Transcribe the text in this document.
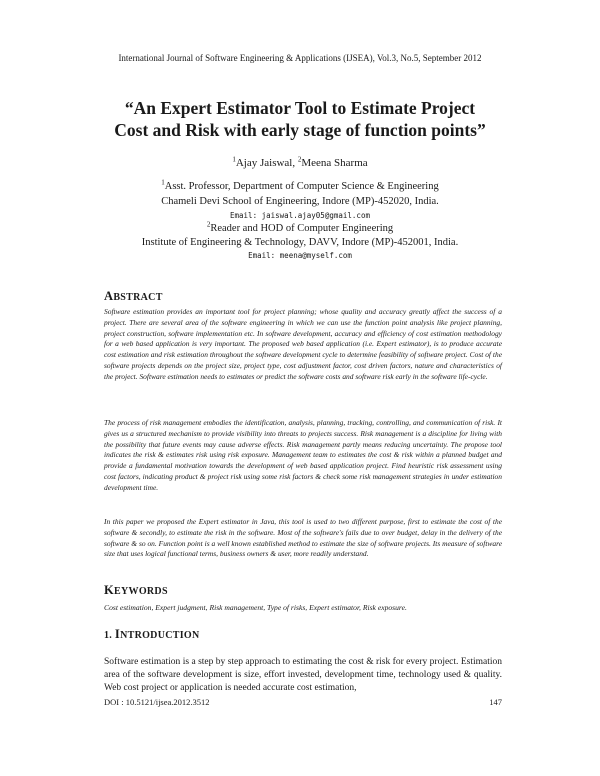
International Journal of Software Engineering & Applications (IJSEA), Vol.3, No.5, September 2012
“An Expert Estimator Tool to Estimate Project
Cost and Risk with early stage of function points”
$^1$Ajay Jaiswal, $^2$Meena Sharma
$^1$Asst. Professor, Department of Computer Science & Engineering
Chameli Devi School of Engineering, Indore (MP)-452020, India.
Email: jaiswal.ajay05@gmail.com
$^2$Reader and HOD of Computer Engineering
Institute of Engineering & Technology, DAVV, Indore (MP)-452001, India.
Email: meena@myself.com
ABSTRACT
Software estimation provides an important tool for project planning; whose quality and accuracy greatly affect the success of a project. There are several area of the software engineering in which we can use the function point analysis like project planning, project construction, software implementation etc. In software development, accuracy and efficiency of cost estimation methodology for a web based application is very important. The proposed web based application (i.e. Expert estimator), is to produce accurate cost estimation and risk estimation throughout the software development cycle to determine feasibility of software project. Cost of the software projects depends on the project size, project type, cost adjustment factor, cost driven factors, nature and characteristics of the project. Software estimation needs to estimates or predict the software costs and software risk early in the software life-cycle.
The process of risk management embodies the identification, analysis, planning, tracking, controlling, and communication of risk. It gives us a structured mechanism to provide visibility into threats to projects success. Risk management is a discipline for living with the possibility that future events may cause adverse effects. Risk management partly means reducing uncertainty. The propose tool indicates the risk & estimates risk using risk exposure. Management team to estimates the cost & risk within a planned budget and provide a fundamental motivation towards the development of web based application project. Find heuristic risk assessment using cost factors, indicating product & project risk using some risk factors & check some risk management strategies in under estimation development time.
In this paper we proposed the Expert estimator in Java, this tool is used to two different purpose, first to estimate the cost of the software & secondly, to estimate the risk in the software. Most of the software's fails due to over budget, delay in the delivery of the software & so on. Function point is a well known established method to estimate the size of software projects. Its measure of software size that uses logical functional terms, business owners & user, more readily understand.
KEYWORDS
Cost estimation, Expert judgment, Risk management, Type of risks, Expert estimator, Risk exposure.
1. INTRODUCTION
Software estimation is a step by step approach to estimating the cost & risk for every project. Estimation area of the software development is size, effort invested, development time, technology used & quality. Web cost project or application is needed accurate cost estimation,
DOI : 10.5121/ijsea.2012.3512	147
